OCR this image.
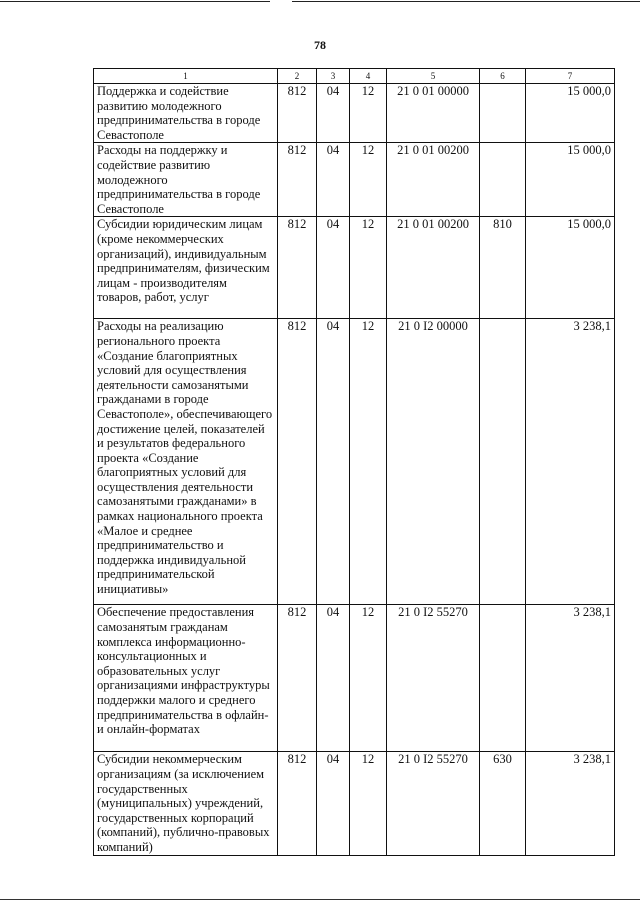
78
1	2	3	4	5	6	7
Поддержка и содействие развитию молодежного предпринимательства в городе Севастополе	812	04	12	21 0 01 00000		15 000,0
Расходы на поддержку и содействие развитию молодежного предпринимательства в городе Севастополе	812	04	12	21 0 01 00200		15 000,0
Субсидии юридическим лицам (кроме некоммерческих организаций), индивидуальным предпринимателям, физическим лицам - производителям товаров, работ, услуг	812	04	12	21 0 01 00200	810	15 000,0
Расходы на реализацию регионального проекта «Создание благоприятных условий для осуществления деятельности самозанятыми гражданами в городе Севастополе», обеспечивающего достижение целей, показателей и результатов федерального проекта «Создание благоприятных условий для осуществления деятельности самозанятыми гражданами» в рамках национального проекта «Малое и среднее предпринимательство и поддержка индивидуальной предпринимательской инициативы»	812	04	12	21 0 I2 00000		3 238,1
Обеспечение предоставления самозанятым гражданам комплекса информационно-консультационных и образовательных услуг организациями инфраструктуры поддержки малого и среднего предпринимательства в офлайн- и онлайн-форматах	812	04	12	21 0 I2 55270		3 238,1
Субсидии некоммерческим организациям (за исключением государственных (муниципальных) учреждений, государственных корпораций (компаний), публично-правовых компаний)	812	04	12	21 0 I2 55270	630	3 238,1
